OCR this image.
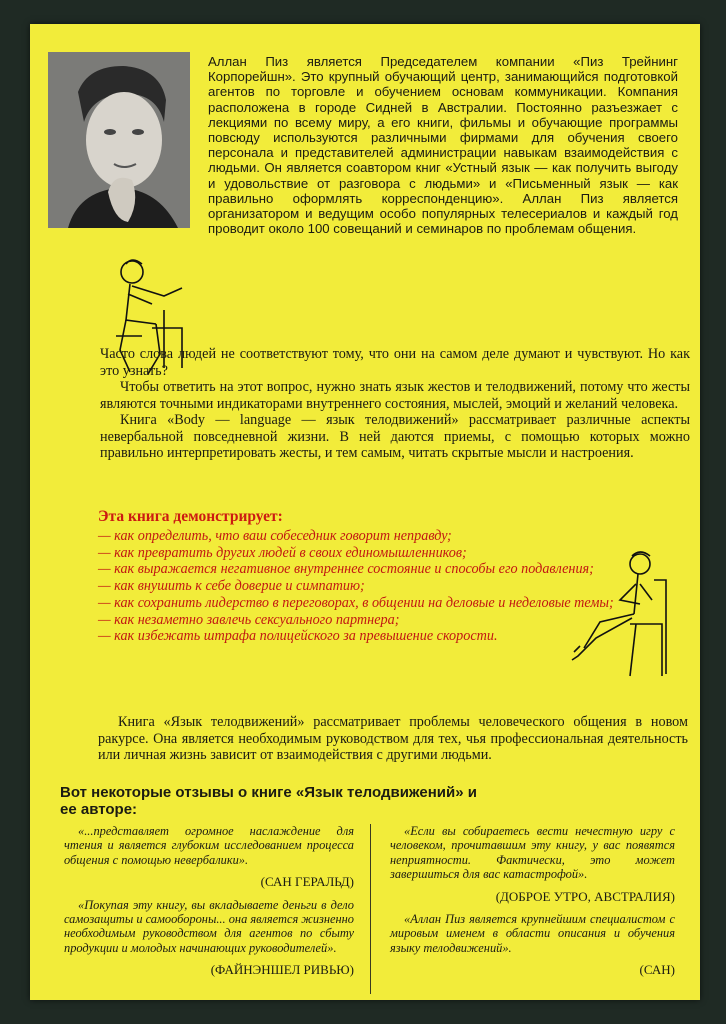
Аллан Пиз является Председателем компании «Пиз Трейнинг Корпорейшн». Это крупный обучающий центр, занимающийся подготовкой агентов по торговле и обучением основам коммуникации. Компания расположена в городе Сидней в Австралии. Постоянно разъезжает с лекциями по всему миру, а его книги, фильмы и обучающие программы повсюду используются различными фирмами для обучения своего персонала и представителей администрации навыкам взаимодействия с людьми. Он является соавтором книг «Устный язык — как получить выгоду и удовольствие от разговора с людьми» и «Письменный язык — как правильно оформлять корреспонденцию». Аллан Пиз является организатором и ведущим особо популярных телесериалов и каждый год проводит около 100 совещаний и семинаров по проблемам общения.

Часто слова людей не соответствуют тому, что они на самом деле думают и чувствуют. Но как это узнать?

Чтобы ответить на этот вопрос, нужно знать язык жестов и телодвижений, потому что жесты являются точными индикаторами внутреннего состояния, мыслей, эмоций и желаний человека.

Книга «Body — language — язык телодвижений» рассматривает различные аспекты невербальной повседневной жизни. В ней даются приемы, с помощью которых можно правильно интерпретировать жесты, и тем самым, читать скрытые мысли и настроения.

Эта книга демонстрирует:
— как определить, что ваш собеседник говорит неправду;
— как превратить других людей в своих единомышленников;
— как выражается негативное внутреннее состояние и способы его подавления;
— как внушить к себе доверие и симпатию;
— как сохранить лидерство в переговорах, в общении на деловые и неделовые темы;
— как незаметно завлечь сексуального партнера;
— как избежать штрафа полицейского за превышение скорости.
Книга «Язык телодвижений» рассматривает проблемы человеческого общения в новом ракурсе. Она является необходимым руководством для тех, чья профессиональная деятельность или личная жизнь зависит от взаимодействия с другими людьми.
Вот некоторые отзывы о книге «Язык телодвижений» и ее авторе:

«...представляет огромное наслаждение для чтения и является глубоким исследованием процесса общения с помощью невербалики».

(САН ГЕРАЛЬД)

«Покупая эту книгу, вы вкладываете деньги в дело самозащиты и самообороны... она является жизненно необходимым руководством для агентов по сбыту продукции и молодых начинающих руководителей».

(ФАЙНЭНШЕЛ РИВЬЮ)

«Если вы собираетесь вести нечестную игру с человеком, прочитавшим эту книгу, у вас появятся неприятности. Фактически, это может завершиться для вас катастрофой».

(ДОБРОЕ УТРО, АВСТРАЛИЯ)

«Аллан Пиз является крупнейшим специалистом с мировым именем в области описания и обучения языку телодвижений».

(САН)
